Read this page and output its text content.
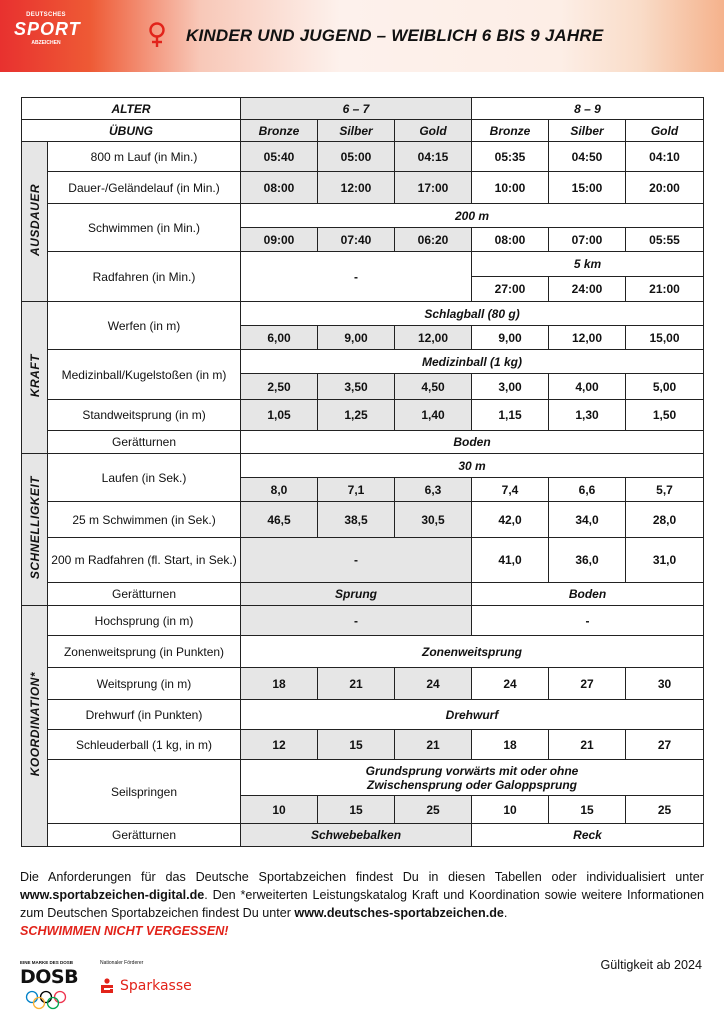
DEUTSCHES
SPORT
ABZEICHEN	KINDER UND JUGEND – WEIBLICH 6 BIS 9 JAHRE
ALTER		6 – 7			8 – 9		
ÜBUNG		Bronze	Silber	Gold	Bronze	Silber	Gold
AUSDAUER	800 m Lauf (in Min.)	05:40	05:00	04:15	05:35	04:50	04:10
	Dauer-/Geländelauf (in Min.)	08:00	12:00	17:00	10:00	15:00	20:00
	Schwimmen (in Min.)	200 m					
		09:00	07:40	06:20	08:00	07:00	05:55
	Radfahren (in Min.)	-			5 km		
					27:00	24:00	21:00
KRAFT	Werfen (in m)	Schlagball (80 g)					
		6,00	9,00	12,00	9,00	12,00	15,00
	Medizinball/Kugelstoßen (in m)	Medizinball (1 kg)					
		2,50	3,50	4,50	3,00	4,00	5,00
	Standweitsprung (in m)	1,05	1,25	1,40	1,15	1,30	1,50
	Gerätturnen	Boden					
SCHNELLIGKEIT	Laufen (in Sek.)	30 m					
		8,0	7,1	6,3	7,4	6,6	5,7
	25 m Schwimmen (in Sek.)	46,5	38,5	30,5	42,0	34,0	28,0
	200 m Radfahren (fl. Start, in Sek.)	-			41,0	36,0	31,0
	Gerätturnen	Sprung			Boden		
KOORDINATION*	Hochsprung (in m)	-			-		
	Zonenweitsprung (in Punkten)	Zonenweitsprung					
	Weitsprung (in m)	18	21	24	24	27	30
	Drehwurf (in Punkten)	Drehwurf					
	Schleuderball (1 kg, in m)	12	15	21	18	21	27
	Seilspringen	Grundsprung vorwärts mit oder ohne Zwischensprung oder Galoppsprung					
		10	15	25	10	15	25
	Gerätturnen	Schwebebalken			Reck		
Die Anforderungen für das Deutsche Sportabzeichen findest Du in diesen Tabellen oder individualisiert unter www.sportabzeichen-digital.de. Den *erweiterten Leistungskatalog Kraft und Koordination sowie weitere Informationen zum Deutschen Sportabzeichen findest Du unter www.deutsches-sportabzeichen.de.
SCHWIMMEN NICHT VERGESSEN!
Gültigkeit ab 2024
EINE MARKE DES DOSB
DOSB
Nationaler Förderer
Sparkasse
